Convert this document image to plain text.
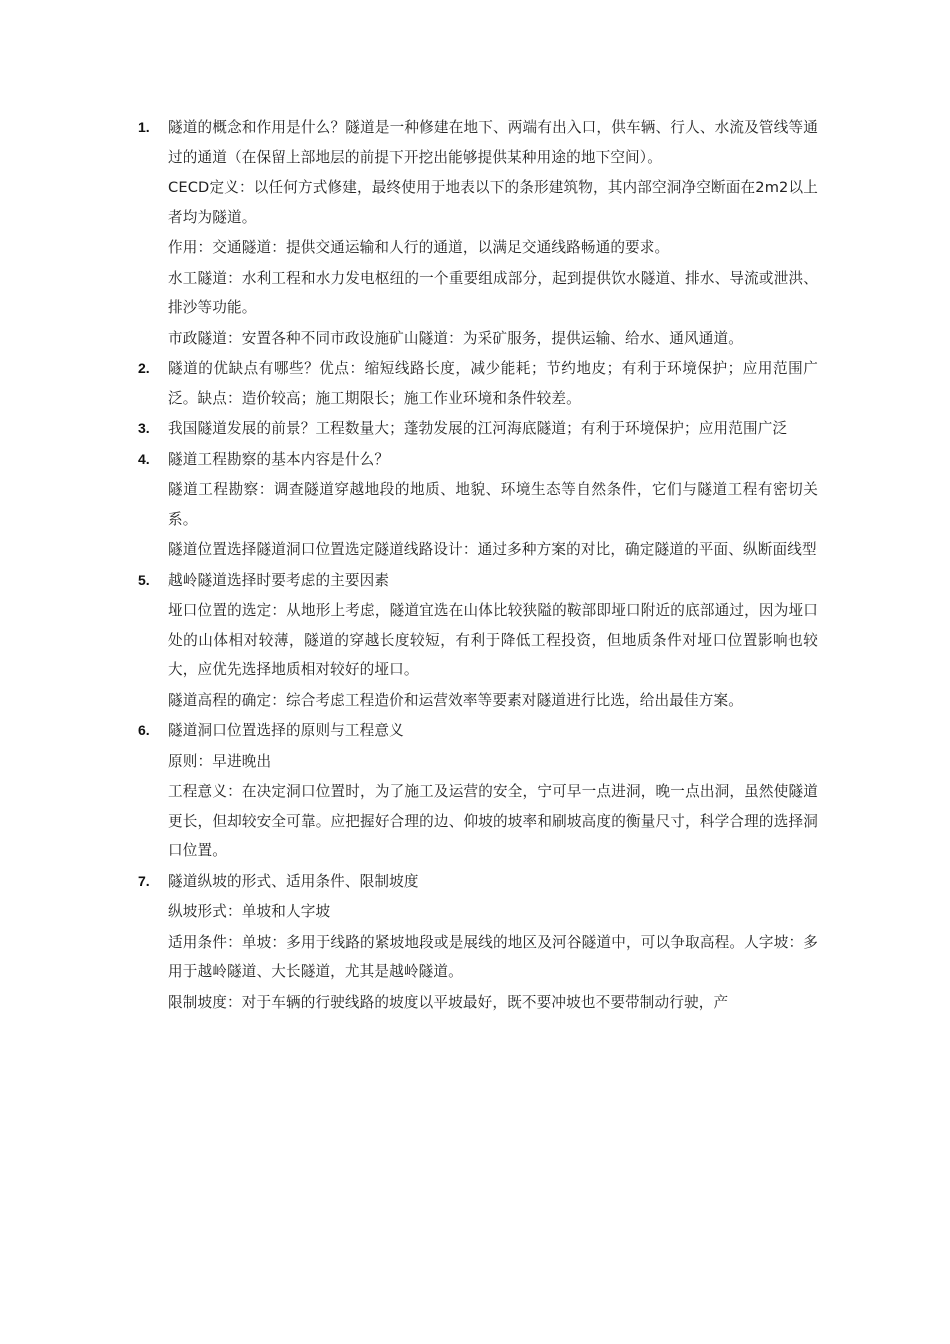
1.	隧道的概念和作用是什么？隧道是一种修建在地下、两端有出入口，供车辆、行人、水流及管线等通过的通道（在保留上部地层的前提下开挖出能够提供某种用途的地下空间）。

CECD定义：以任何方式修建，最终使用于地表以下的条形建筑物，其内部空洞净空断面在2m2以上者均为隧道。

作用：交通隧道：提供交通运输和人行的通道，以满足交通线路畅通的要求。

水工隧道：水利工程和水力发电枢纽的一个重要组成部分，起到提供饮水隧道、排水、导流或泄洪、排沙等功能。

市政隧道：安置各种不同市政设施矿山隧道：为采矿服务，提供运输、给水、通风通道。

2.	隧道的优缺点有哪些？优点：缩短线路长度，减少能耗；节约地皮；有利于环境保护；应用范围广泛。缺点：造价较高；施工期限长；施工作业环境和条件较差。

3.	我国隧道发展的前景？工程数量大；蓬勃发展的江河海底隧道；有利于环境保护；应用范围广泛

4.	隧道工程勘察的基本内容是什么？

隧道工程勘察：调查隧道穿越地段的地质、地貌、环境生态等自然条件，它们与隧道工程有密切关系。

隧道位置选择隧道洞口位置选定隧道线路设计：通过多种方案的对比，确定隧道的平面、纵断面线型

5.	越岭隧道选择时要考虑的主要因素

垭口位置的选定：从地形上考虑，隧道宜选在山体比较狭隘的鞍部即垭口附近的底部通过，因为垭口处的山体相对较薄，隧道的穿越长度较短，有利于降低工程投资，但地质条件对垭口位置影响也较大，应优先选择地质相对较好的垭口。

隧道高程的确定：综合考虑工程造价和运营效率等要素对隧道进行比选，给出最佳方案。

6.	隧道洞口位置选择的原则与工程意义

原则：早进晚出

工程意义：在决定洞口位置时，为了施工及运营的安全，宁可早一点进洞，晚一点出洞，虽然使隧道更长，但却较安全可靠。应把握好合理的边、仰坡的坡率和刷坡高度的衡量尺寸，科学合理的选择洞口位置。

7.	隧道纵坡的形式、适用条件、限制坡度

纵坡形式：单坡和人字坡

适用条件：单坡：多用于线路的紧坡地段或是展线的地区及河谷隧道中，可以争取高程。人字坡：多用于越岭隧道、大长隧道，尤其是越岭隧道。

限制坡度：对于车辆的行驶线路的坡度以平坡最好，既不要冲坡也不要带制动行驶，产
